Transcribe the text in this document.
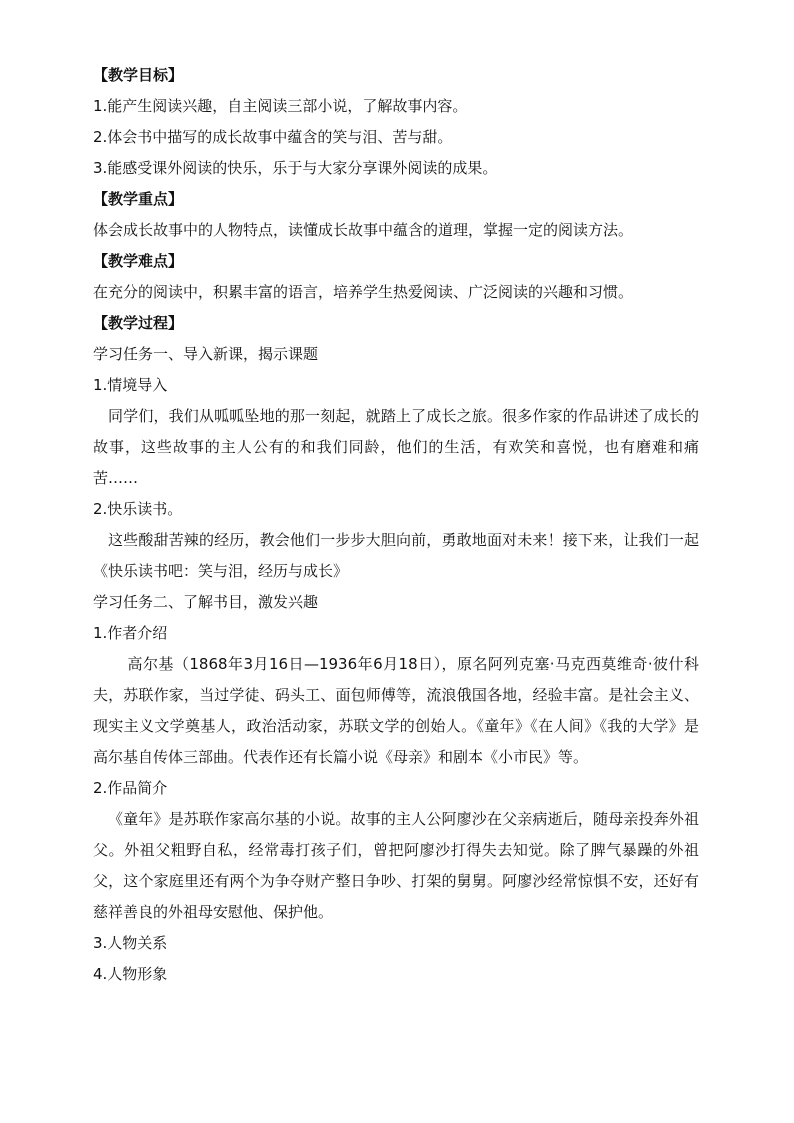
【教学目标】
1.能产生阅读兴趣，自主阅读三部小说，了解故事内容。
2.体会书中描写的成长故事中蕴含的笑与泪、苦与甜。
3.能感受课外阅读的快乐，乐于与大家分享课外阅读的成果。
【教学重点】
体会成长故事中的人物特点，读懂成长故事中蕴含的道理，掌握一定的阅读方法。
【教学难点】
在充分的阅读中，积累丰富的语言，培养学生热爱阅读、广泛阅读的兴趣和习惯。
【教学过程】
学习任务一、导入新课，揭示课题
1.情境导入
同学们，我们从呱呱坠地的那一刻起，就踏上了成长之旅。很多作家的作品讲述了成长的故事，这些故事的主人公有的和我们同龄，他们的生活，有欢笑和喜悦，也有磨难和痛苦……
2.快乐读书。
这些酸甜苦辣的经历，教会他们一步步大胆向前，勇敢地面对未来！接下来，让我们一起《快乐读书吧：笑与泪，经历与成长》
学习任务二、了解书目，激发兴趣
1.作者介绍
高尔基（1868年3月16日—1936年6月18日），原名阿列克塞·马克西莫维奇·彼什科夫，苏联作家，当过学徒、码头工、面包师傅等，流浪俄国各地，经验丰富。是社会主义、现实主义文学奠基人，政治活动家，苏联文学的创始人。《童年》《在人间》《我的大学》是高尔基自传体三部曲。代表作还有长篇小说《母亲》和剧本《小市民》等。
2.作品简介
《童年》是苏联作家高尔基的小说。故事的主人公阿廖沙在父亲病逝后，随母亲投奔外祖父。外祖父粗野自私，经常毒打孩子们，曾把阿廖沙打得失去知觉。除了脾气暴躁的外祖父，这个家庭里还有两个为争夺财产整日争吵、打架的舅舅。阿廖沙经常惊惧不安，还好有慈祥善良的外祖母安慰他、保护他。
3.人物关系
4.人物形象
